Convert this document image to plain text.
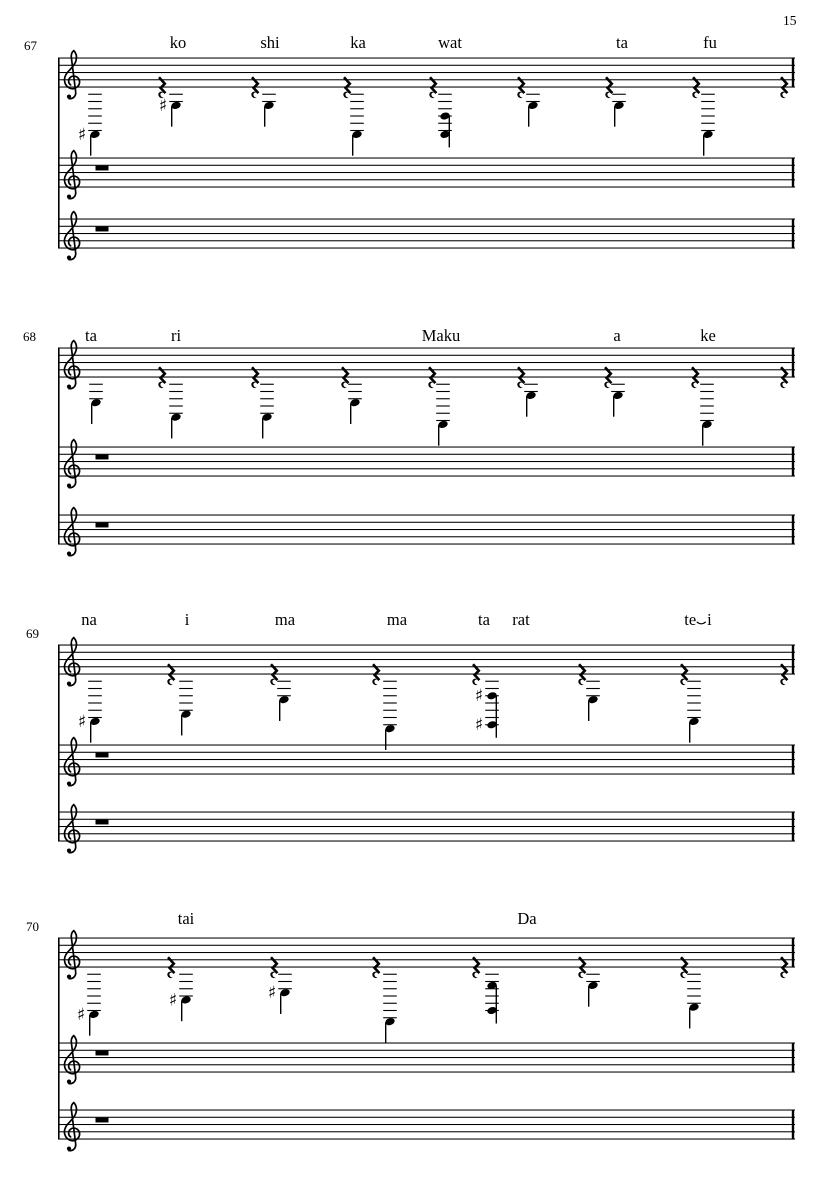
♯
♯
♯
♯
♯
♯
♯	♯
15
ko	shi	ka	wat	ta	fu
67
ta	ri	Maku	a	ke
68
na	i	ma	ma	ta rat	te i
69
tai	Da
70
